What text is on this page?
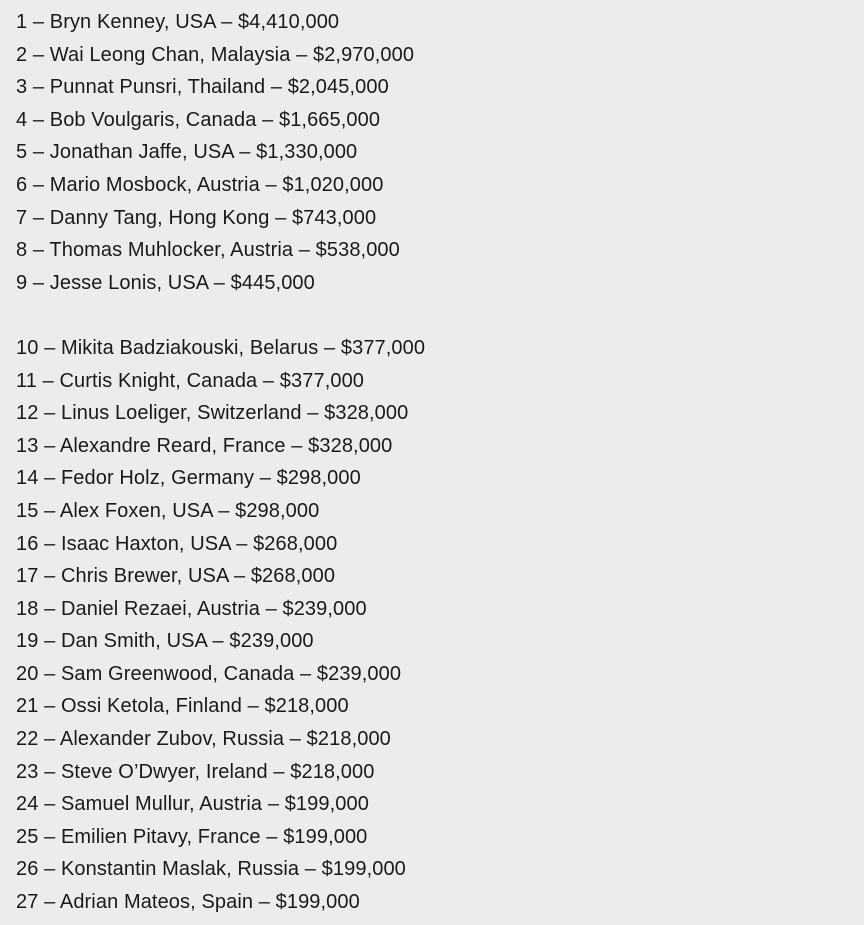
1 – Bryn Kenney, USA – $4,410,000
2 – Wai Leong Chan, Malaysia – $2,970,000
3 – Punnat Punsri, Thailand – $2,045,000
4 – Bob Voulgaris, Canada – $1,665,000
5 – Jonathan Jaffe, USA – $1,330,000
6 – Mario Mosbock, Austria – $1,020,000
7 – Danny Tang, Hong Kong – $743,000
8 – Thomas Muhlocker, Austria – $538,000
9 – Jesse Lonis, USA – $445,000
10 – Mikita Badziakouski, Belarus – $377,000
11 – Curtis Knight, Canada – $377,000
12 – Linus Loeliger, Switzerland – $328,000
13 – Alexandre Reard, France – $328,000
14 – Fedor Holz, Germany – $298,000
15 – Alex Foxen, USA – $298,000
16 – Isaac Haxton, USA – $268,000
17 – Chris Brewer, USA – $268,000
18 – Daniel Rezaei, Austria – $239,000
19 – Dan Smith, USA – $239,000
20 – Sam Greenwood, Canada – $239,000
21 – Ossi Ketola, Finland – $218,000
22 – Alexander Zubov, Russia – $218,000
23 – Steve O’Dwyer, Ireland – $218,000
24 – Samuel Mullur, Austria – $199,000
25 – Emilien Pitavy, France – $199,000
26 – Konstantin Maslak, Russia – $199,000
27 – Adrian Mateos, Spain – $199,000
